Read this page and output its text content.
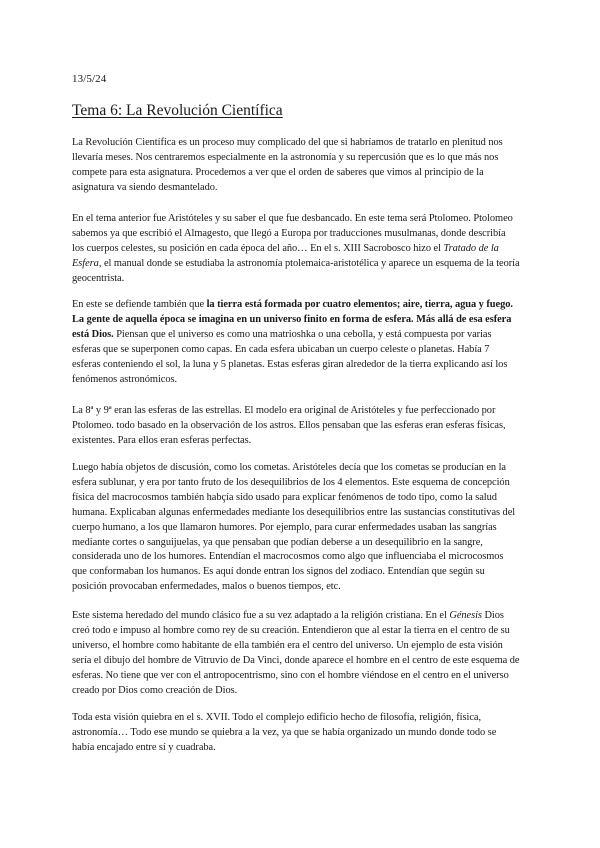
13/5/24
Tema 6: La Revolución Científica

La Revolución Científica es un proceso muy complicado del que si habríamos de tratarlo en plenitud nos llevaría meses. Nos centraremos especialmente en la astronomía y su repercusión que es lo que más nos compete para esta asignatura. Procedemos a ver que el orden de saberes que vimos al principio de la asignatura va siendo desmantelado.

En el tema anterior fue Aristóteles y su saber el que fue desbancado. En este tema será Ptolomeo. Ptolomeo sabemos ya que escribió el Almagesto, que llegó a Europa por traducciones musulmanas, donde describía los cuerpos celestes, su posición en cada época del año… En el s. XIII Sacrobosco hizo el Tratado de la Esfera, el manual donde se estudiaba la astronomía ptolemaica-aristotélica y aparece un esquema de la teoría geocentrista.

En este se defiende también que la tierra está formada por cuatro elementos; aire, tierra, agua y fuego. La gente de aquella época se imagina en un universo finito en forma de esfera. Más allá de esa esfera está Dios. Piensan que el universo es como una matrioshka o una cebolla, y está compuesta por varias esferas que se superponen como capas. En cada esfera ubicaban un cuerpo celeste o planetas. Había 7 esferas conteniendo el sol, la luna y 5 planetas. Estas esferas giran alrededor de la tierra explicando así los fenómenos astronómicos.

La 8ª y 9ª eran las esferas de las estrellas. El modelo era original de Aristóteles y fue perfeccionado por Ptolomeo. todo basado en la observación de los astros. Ellos pensaban que las esferas eran esferas físicas, existentes. Para ellos eran esferas perfectas.

Luego había objetos de discusión, como los cometas. Aristóteles decía que los cometas se producían en la esfera sublunar, y era por tanto fruto de los desequilibrios de los 4 elementos. Este esquema de concepción física del macrocosmos también habçía sido usado para explicar fenómenos de todo tipo, como la salud humana. Explicaban algunas enfermedades mediante los desequilibrios entre las sustancias constitutivas del cuerpo humano, a los que llamaron humores. Por ejemplo, para curar enfermedades usaban las sangrías mediante cortes o sanguijuelas, ya que pensaban que podían deberse a un desequilibrio en la sangre, considerada uno de los humores. Entendían el macrocosmos como algo que influenciaba el microcosmos que conformaban los humanos. Es aquí donde entran los signos del zodiaco. Entendían que según su posición provocaban enfermedades, malos o buenos tiempos, etc.

Este sistema heredado del mundo clásico fue a su vez adaptado a la religión cristiana. En el Génesis Dios creó todo e impuso al hombre como rey de su creación. Entendieron que al estar la tierra en el centro de su universo, el hombre como habitante de ella también era el centro del universo. Un ejemplo de esta visión sería el dibujo del hombre de Vitruvio de Da Vinci, donde aparece el hombre en el centro de este esquema de esferas. No tiene que ver con el antropocentrismo, sino con el hombre viéndose en el centro en el universo creado por Dios como creación de Dios.

Toda esta visión quiebra en el s. XVII. Todo el complejo edificio hecho de filosofía, religión, física, astronomía… Todo ese mundo se quiebra a la vez, ya que se había organizado un mundo donde todo se había encajado entre sí y cuadraba.
